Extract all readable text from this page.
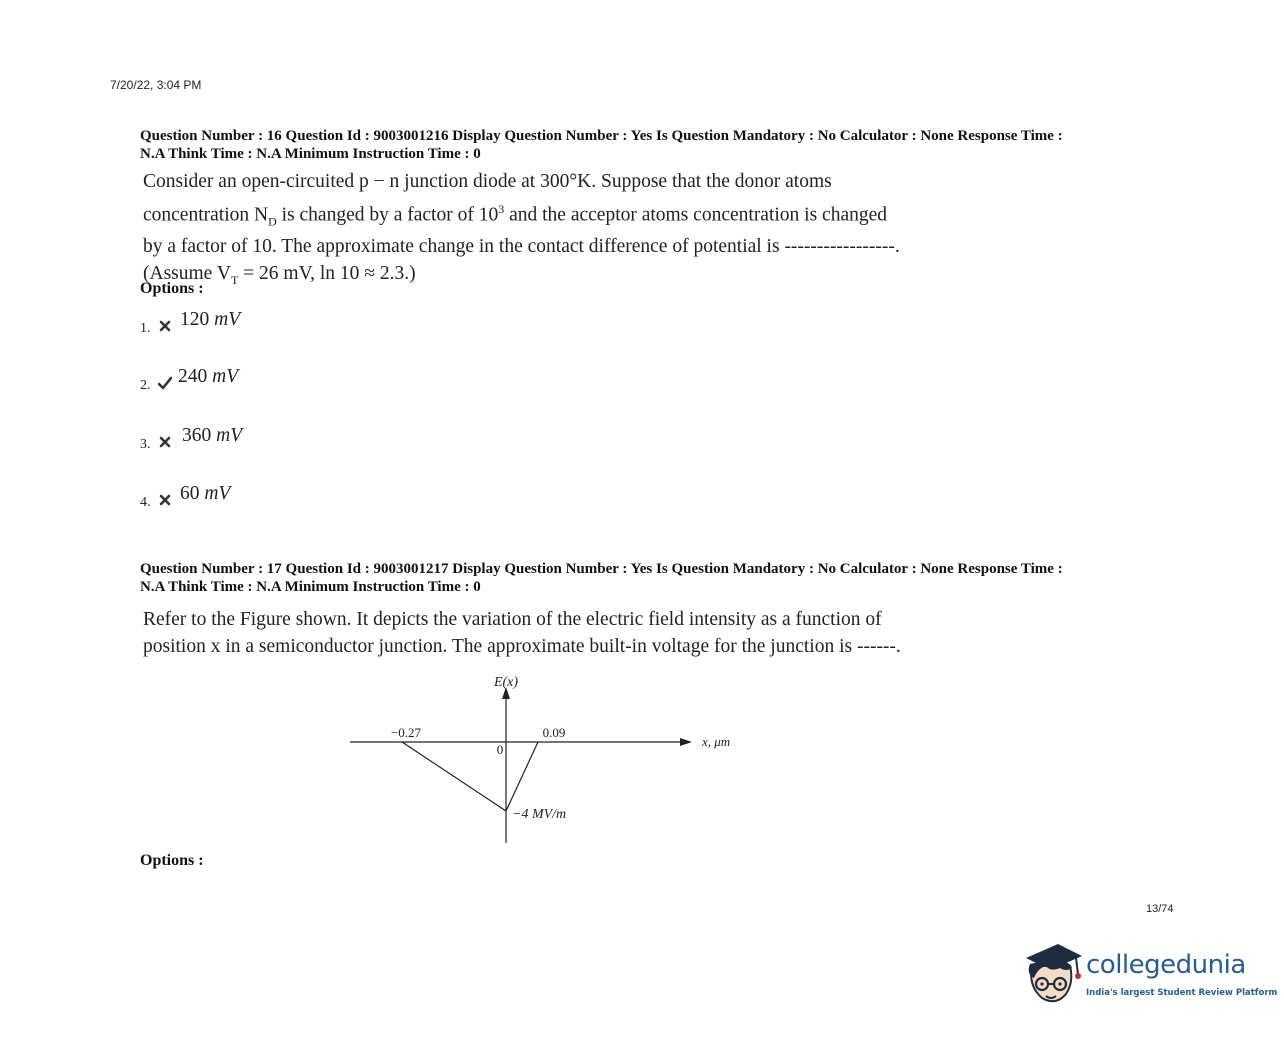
7/20/22, 3:04 PM
Question Number : 16 Question Id : 9003001216 Display Question Number : Yes Is Question Mandatory : No Calculator : None Response Time :
N.A Think Time : N.A Minimum Instruction Time : 0
Consider an open-circuited p − n junction diode at 300°K. Suppose that the donor atoms
concentration $N_D$ is changed by a factor of $10^3$ and the acceptor atoms concentration is changed
by a factor of 10. The approximate change in the contact difference of potential is -----------------.
(Assume $V_T = 26$ mV, ln 10 ≈ 2.3.)
Options :
1. 120 mV
2. 240 mV
3. 360 mV
4. 60 mV
Question Number : 17 Question Id : 9003001217 Display Question Number : Yes Is Question Mandatory : No Calculator : None Response Time :
N.A Think Time : N.A Minimum Instruction Time : 0
Refer to the Figure shown. It depicts the variation of the electric field intensity as a function of
position x in a semiconductor junction. The approximate built-in voltage for the junction is ------.
E(x)
x, μm
−0.27	0.09
0
−4 MV/m
Options :
13/74
collegedunia
India's largest Student Review Platform
